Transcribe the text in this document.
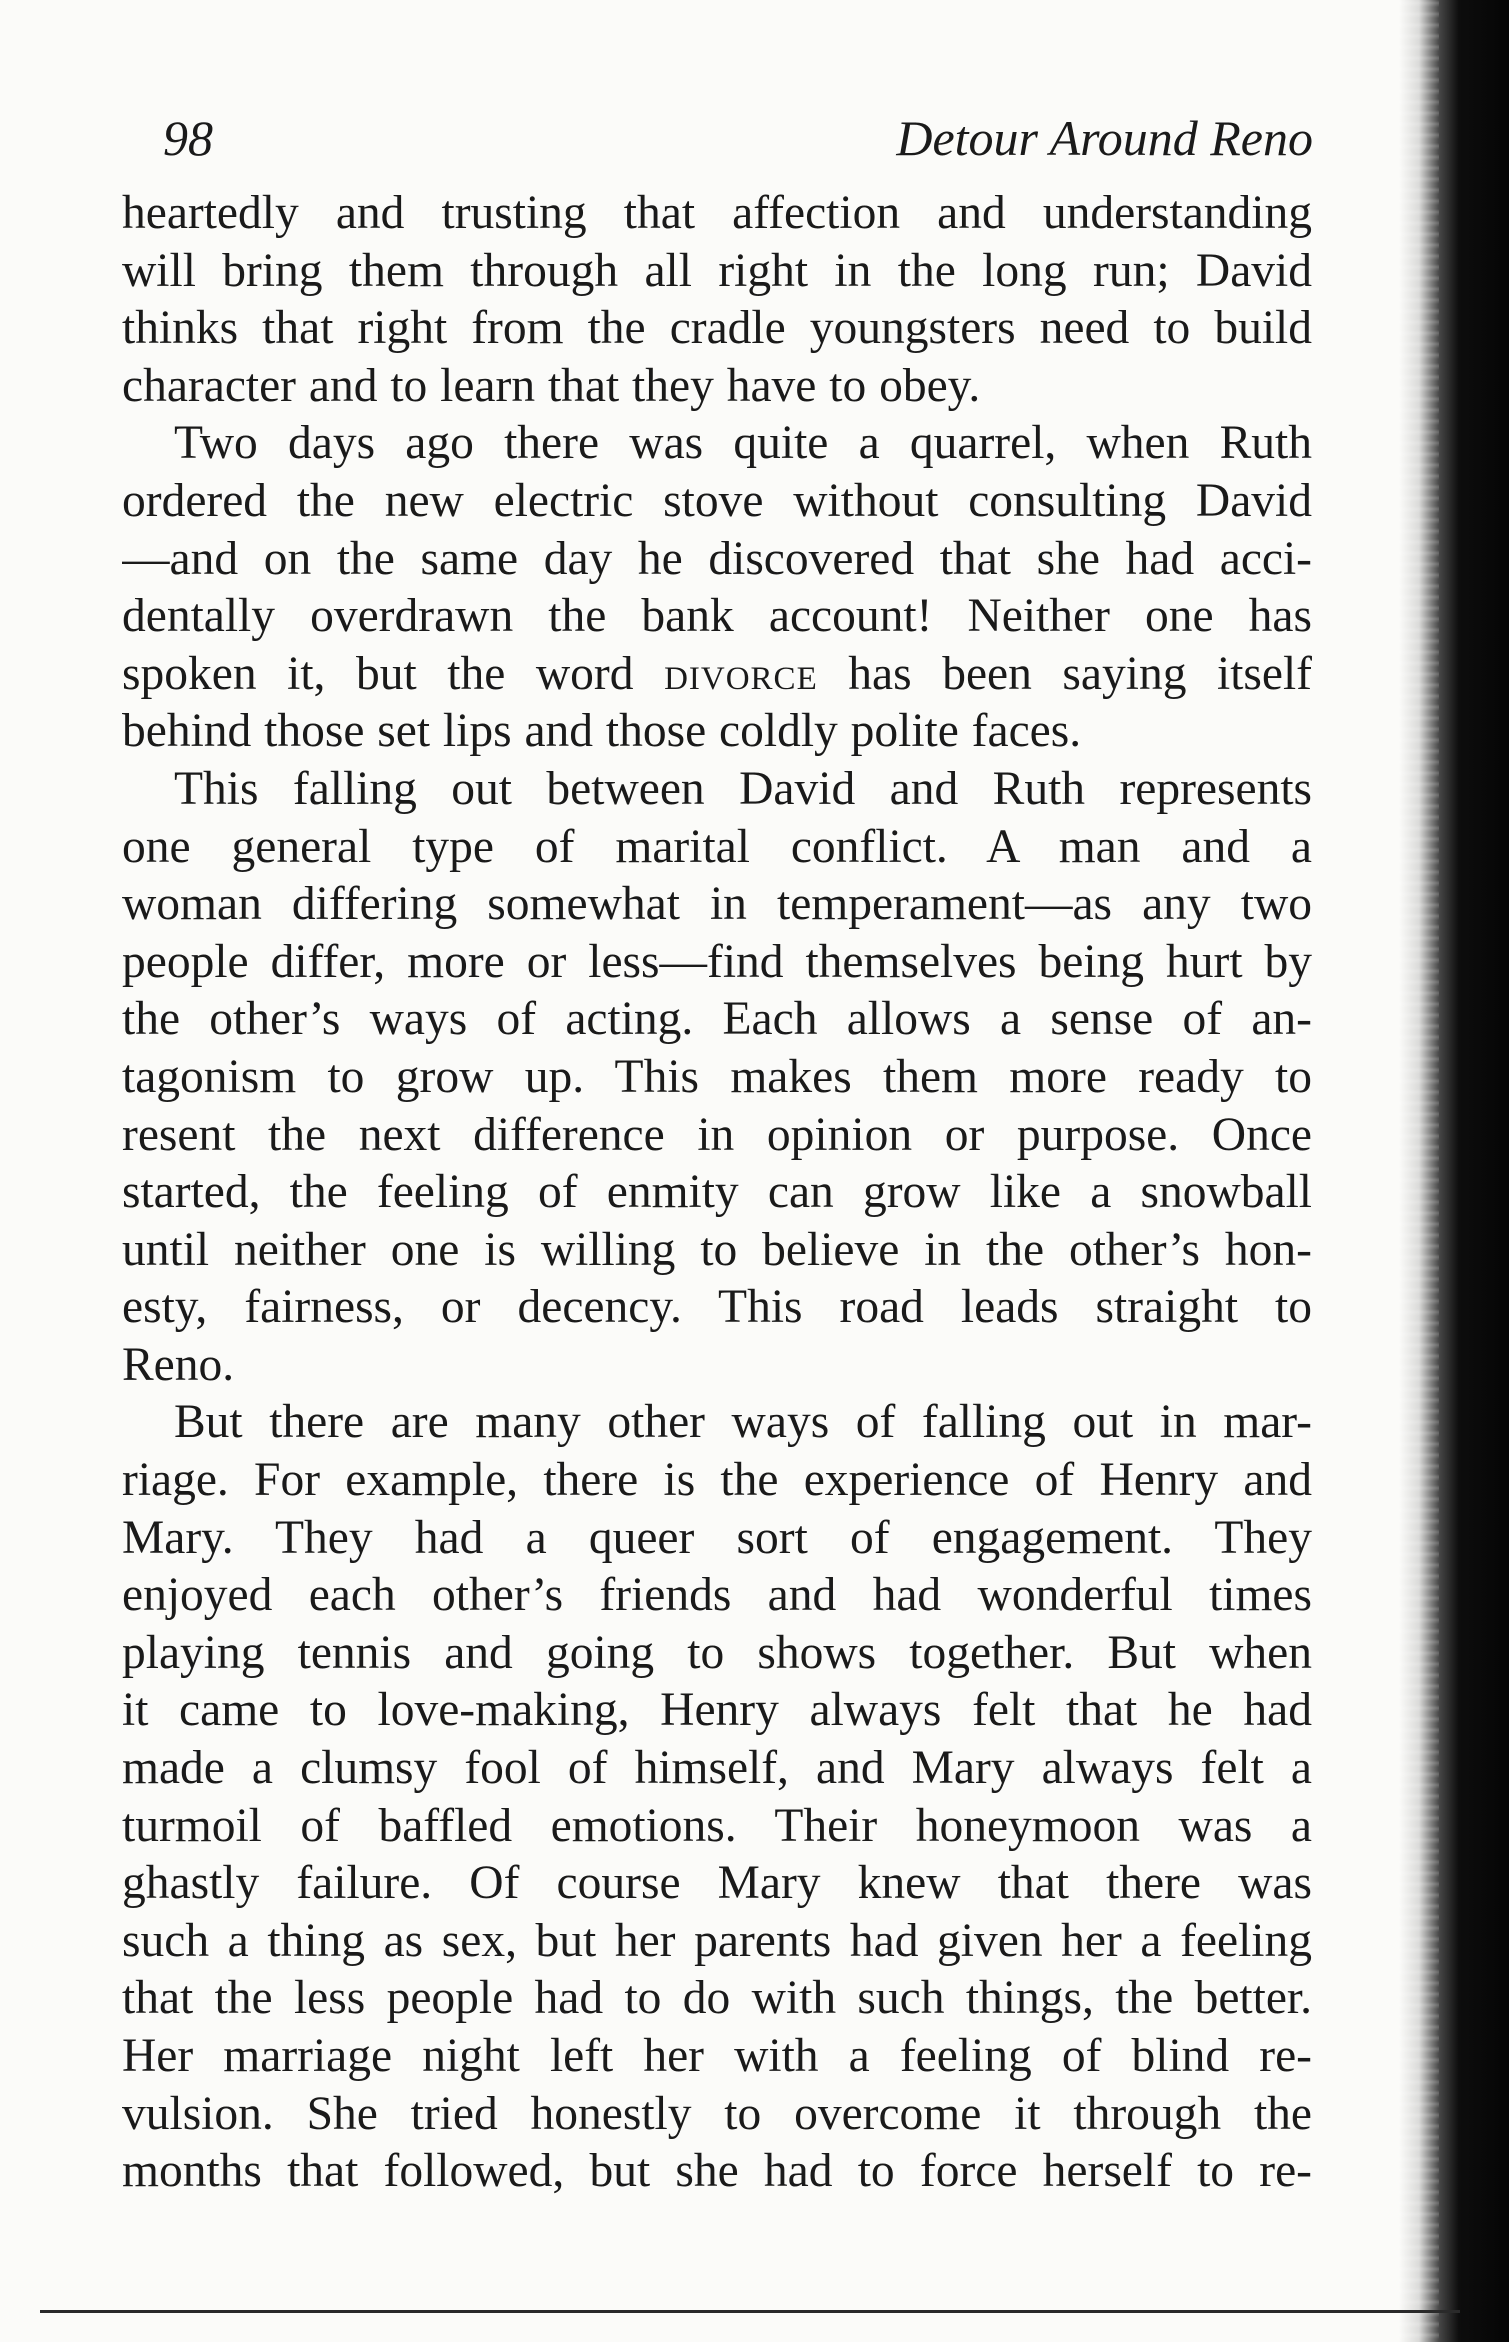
98	Detour Around Reno
heartedly and trusting that affection and understanding
will bring them through all right in the long run; David
thinks that right from the cradle youngsters need to build
character and to learn that they have to obey.
Two days ago there was quite a quarrel, when Ruth
ordered the new electric stove without consulting David
—and on the same day he discovered that she had acci-
dentally overdrawn the bank account! Neither one has
spoken it, but the word divorce has been saying itself
behind those set lips and those coldly polite faces.
This falling out between David and Ruth represents
one general type of marital conflict. A man and a
woman differing somewhat in temperament—as any two
people differ, more or less—find themselves being hurt by
the other’s ways of acting. Each allows a sense of an-
tagonism to grow up. This makes them more ready to
resent the next difference in opinion or purpose. Once
started, the feeling of enmity can grow like a snowball
until neither one is willing to believe in the other’s hon-
esty, fairness, or decency. This road leads straight to
Reno.
But there are many other ways of falling out in mar-
riage. For example, there is the experience of Henry and
Mary. They had a queer sort of engagement. They
enjoyed each other’s friends and had wonderful times
playing tennis and going to shows together. But when
it came to love-making, Henry always felt that he had
made a clumsy fool of himself, and Mary always felt a
turmoil of baffled emotions. Their honeymoon was a
ghastly failure. Of course Mary knew that there was
such a thing as sex, but her parents had given her a feeling
that the less people had to do with such things, the better.
Her marriage night left her with a feeling of blind re-
vulsion. She tried honestly to overcome it through the
months that followed, but she had to force herself to re-
